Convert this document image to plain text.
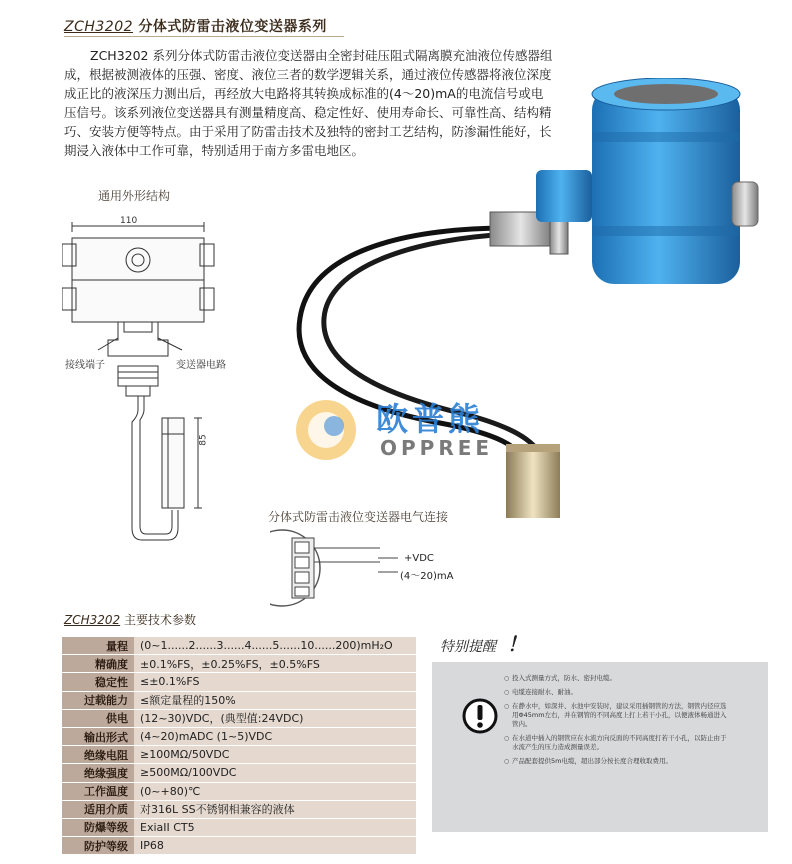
ZCH3202 分体式防雷击液位变送器系列
ZCH3202 系列分体式防雷击液位变送器由全密封硅压阻式隔离膜充油液位传感器组成，根据被测液体的压强、密度、液位三者的数学逻辑关系，通过液位传感器将液位深度成正比的液深压力测出后，再经放大电路将其转换成标准的(4～20)mA的电流信号或电压信号。该系列液位变送器具有测量精度高、稳定性好、使用寿命长、可靠性高、结构精巧、安装方便等特点。由于采用了防雷击技术及独特的密封工艺结构，防渗漏性能好，长期浸入液体中工作可靠，特别适用于南方多雷电地区。
通用外形结构
110
85
接线端子	变送器电路
欧普熊
OPPREE
分体式防雷击液位变送器电气连接
+VDC
(4～20)mA
ZCH3202 主要技术参数
量程	(0~1......2......3......4......5......10......200)mH₂O
精确度	±0.1%FS，±0.25%FS，±0.5%FS
稳定性	≤±0.1%FS
过载能力	≤额定量程的150%
供电	(12~30)VDC，(典型值:24VDC)
输出形式	(4~20)mADC (1~5)VDC
绝缘电阻	≥100MΩ/50VDC
绝缘强度	≥500MΩ/100VDC
工作温度	(0~+80)℃
适用介质	对316L SS不锈钢相兼容的液体
防爆等级	ExiaII CT5
防护等级	IP68
特别提醒 ！
○ 投入式测量方式，防水、密封电缆。
○ 电缆连接耐水、耐油。
○ 在静水中，如深井、水池中安装时，建议采用插钢管的方法，钢管内径应选用Φ45mm左右，并在钢管的不同高度上打上若干小孔，以便液体畅通进入管内。
○ 在水道中插入的钢管应在水流方向反面的不同高度打若干小孔，以防止由于水流产生的压力造成测量误差。
○ 产品配套提供5m电缆，超出部分按长度合理收取费用。
